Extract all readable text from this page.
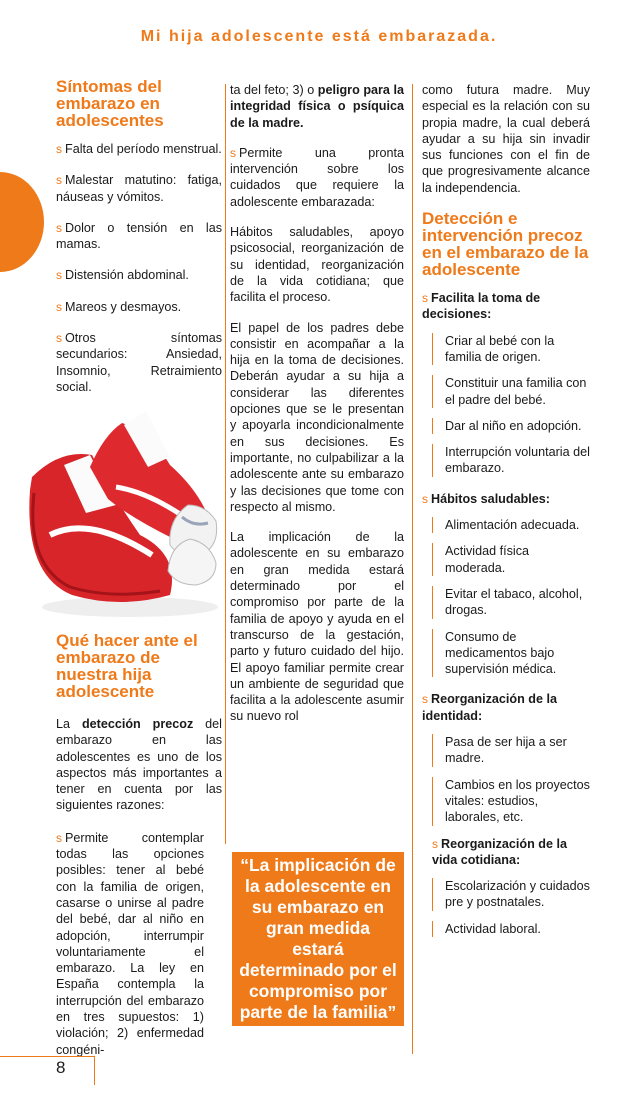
Mi hija adolescente está embarazada.
Síntomas del embarazo en adolescentes

s Falta del período menstrual.

s Malestar matutino: fatiga, náuseas y vómitos.

s Dolor o tensión en las mamas.

s Distensión abdominal.

s Mareos y desmayos.

s Otros síntomas secundarios: Ansiedad, Insomnio, Retraimiento social.

Qué hacer ante el embarazo de nuestra hija adolescente

La detección precoz del embarazo en las adolescentes es uno de los aspectos más importantes a tener en cuenta por las siguientes razones:

s Permite contemplar todas las opciones posibles: tener al bebé con la familia de origen, casarse o unirse al padre del bebé, dar al niño en adopción, interrumpir voluntariamente el embarazo. La ley en España contempla la interrupción del embarazo en tres supuestos: 1) violación; 2) enfermedad congéni-

ta del feto; 3) o peligro para la integridad física o psíquica de la madre.

s Permite una pronta intervención sobre los cuidados que requiere la adolescente embarazada:

Hábitos saludables, apoyo psicosocial, reorganización de su identidad, reorganización de la vida cotidiana; que facilita el proceso.

El papel de los padres debe consistir en acompañar a la hija en la toma de decisiones. Deberán ayudar a su hija a considerar las diferentes opciones que se le presentan y apoyarla incondicionalmente en sus decisiones. Es importante, no culpabilizar a la adolescente ante su embarazo y las decisiones que tome con respecto al mismo.

La implicación de la adolescente en su embarazo en gran medida estará determinado por el compromiso por parte de la familia de apoyo y ayuda en el transcurso de la gestación, parto y futuro cuidado del hijo. El apoyo familiar permite crear un ambiente de seguridad que facilita a la adolescente asumir su nuevo rol

“La implicación de la adolescente en su embarazo en gran medida estará determinado por el compromiso por parte de la familia”

como futura madre. Muy especial es la relación con su propia madre, la cual deberá ayudar a su hija sin invadir sus funciones con el fin de que progresivamente alcance la independencia.

Detección e intervención precoz en el embarazo de la adolescente

s Facilita la toma de decisiones:

Criar al bebé con la familia de origen.
Constituir una familia con el padre del bebé.
Dar al niño en adopción.
Interrupción voluntaria del embarazo.

s Hábitos saludables:

Alimentación adecuada.
Actividad física moderada.
Evitar el tabaco, alcohol, drogas.
Consumo de medicamentos bajo supervisión médica.

s Reorganización de la identidad:

Pasa de ser hija a ser madre.
Cambios en los proyectos vitales: estudios, laborales, etc.

s Reorganización de la vida cotidiana:

Escolarización y cuidados pre y postnatales.
Actividad laboral.
8
